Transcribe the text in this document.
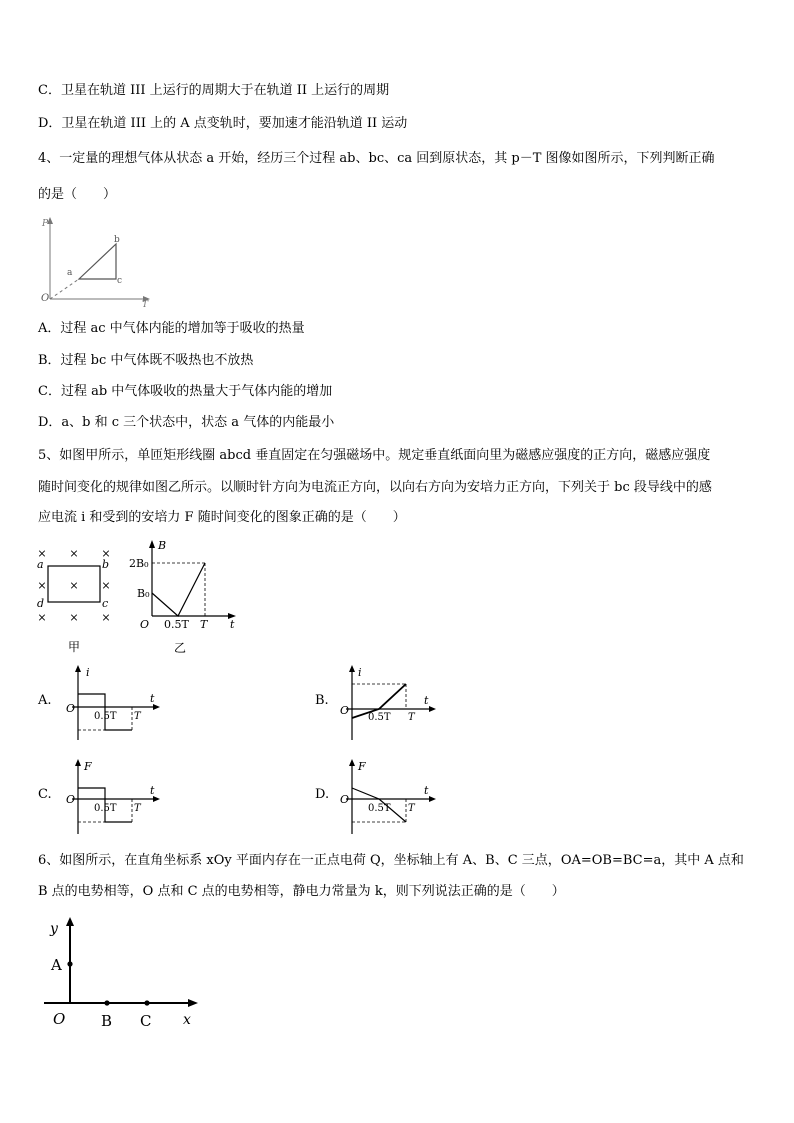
C．卫星在轨道 III 上运行的周期大于在轨道 II 上运行的周期
D．卫星在轨道 III 上的 A 点变轨时，要加速才能沿轨道 II 运动
4、一定量的理想气体从状态 a 开始，经历三个过程 ab、bc、ca 回到原状态，其 p－T 图像如图所示，下列判断正确
的是（　　）
P
T
O
a
b
c
A．过程 ac 中气体内能的增加等于吸收的热量
B．过程 bc 中气体既不吸热也不放热
C．过程 ab 中气体吸收的热量大于气体内能的增加
D．a、b 和 c 三个状态中，状态 a 气体的内能最小
5、如图甲所示，单匝矩形线圈 abcd 垂直固定在匀强磁场中。规定垂直纸面向里为磁感应强度的正方向，磁感应强度
随时间变化的规律如图乙所示。以顺时针方向为电流正方向，以向右方向为安培力正方向，下列关于 bc 段导线中的感
应电流 i 和受到的安培力 F 随时间变化的图象正确的是（　　）
× × ×
× × ×
× × ×
a	b
c
d
甲
B
t
O
2B₀
B₀
0.5T T
乙
A.
i
t
O
0.5T T
B.
i
t
O
0.5T T
C.
F
t
O
0.5T T
D.
F
t
O
0.5T T
6、如图所示，在直角坐标系 xOy 平面内存在一正点电荷 Q，坐标轴上有 A、B、C 三点，OA=OB=BC=a，其中 A 点和
B 点的电势相等，O 点和 C 点的电势相等，静电力常量为 k，则下列说法正确的是（　　）
y
x
O
A
B C
